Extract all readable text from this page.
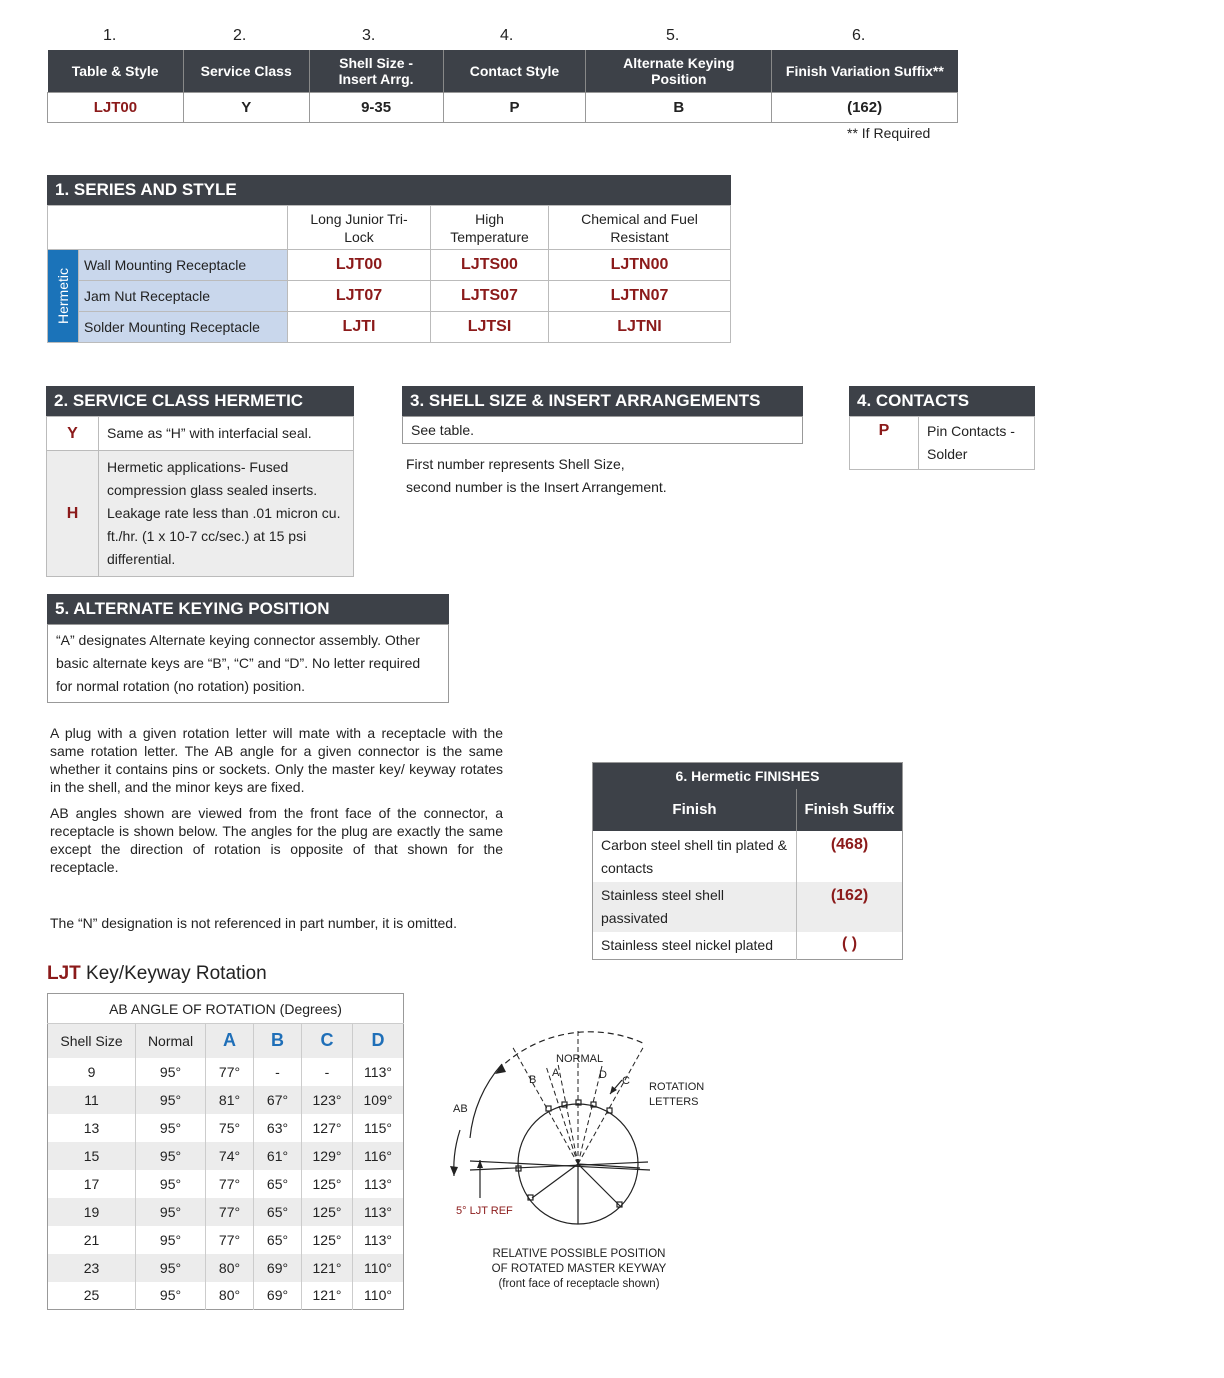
1.	2.	3.	4.	5.	6.
Table & Style	Service Class	Shell Size -Insert Arrg.	Contact Style	Alternate Keying Position	Finish Variation Suffix**
LJT00	Y	9-35	P	B	(162)
** If Required
1. SERIES AND STYLE
		Long Junior Tri-Lock	High Temperature	Chemical and Fuel Resistant

Hermetic	Wall Mounting Receptacle	LJT00	LJTS00	LJTN00
	Jam Nut Receptacle	LJT07	LJTS07	LJTN07
	Solder Mounting Receptacle	LJTI	LJTSI	LJTNI
2. SERVICE CLASS HERMETIC
Y	Same as “H” with interfacial seal.
H	Hermetic applications- Fused compression glass sealed inserts. Leakage rate less than .01 micron cu. ft./hr. (1 x 10-7 cc/sec.) at 15 psi differential.
3. SHELL SIZE & INSERT ARRANGEMENTS
See table.
First number represents Shell Size,
second number is the Insert Arrangement.
4. CONTACTS
P	Pin Contacts - Solder
5. ALTERNATE KEYING POSITION
“A” designates Alternate keying connector assembly. Other basic alternate keys are “B”, “C” and “D”. No letter required for normal rotation (no rotation) position.
A plug with a given rotation letter will mate with a receptacle with the same rotation letter. The AB angle for a given connector is the same whether it contains pins or sockets. Only the master key/ keyway rotates in the shell, and the minor keys are fixed.
AB angles shown are viewed from the front face of the connector, a receptacle is shown below. The angles for the plug are exactly the same except the direction of rotation is opposite of that shown for the receptacle.
The “N” designation is not referenced in part number, it is omitted.
6. Hermetic FINISHES	
Finish	Finish Suffix
Carbon steel shell tin plated & contacts	(468)
Stainless steel shell passivated	(162)
Stainless steel nickel plated	( )
LJT Key/Keyway Rotation
AB ANGLE OF ROTATION (Degrees)					
Shell Size	Normal	A	B	C	D
9	95°	77°	-	-	113°
11	95°	81°	67°	123°	109°
13	95°	75°	63°	127°	115°
15	95°	74°	61°	129°	116°
17	95°	77°	65°	125°	113°
19	95°	77°	65°	125°	113°
21	95°	77°	65°	125°	113°
23	95°	80°	69°	121°	110°
25	95°	80°	69°	121°	110°
NORMAL
A
B	D C
AB
ROTATION
LETTERS
5° LJT REF
RELATIVE POSSIBLE POSITION
OF ROTATED MASTER KEYWAY
(front face of receptacle shown)
